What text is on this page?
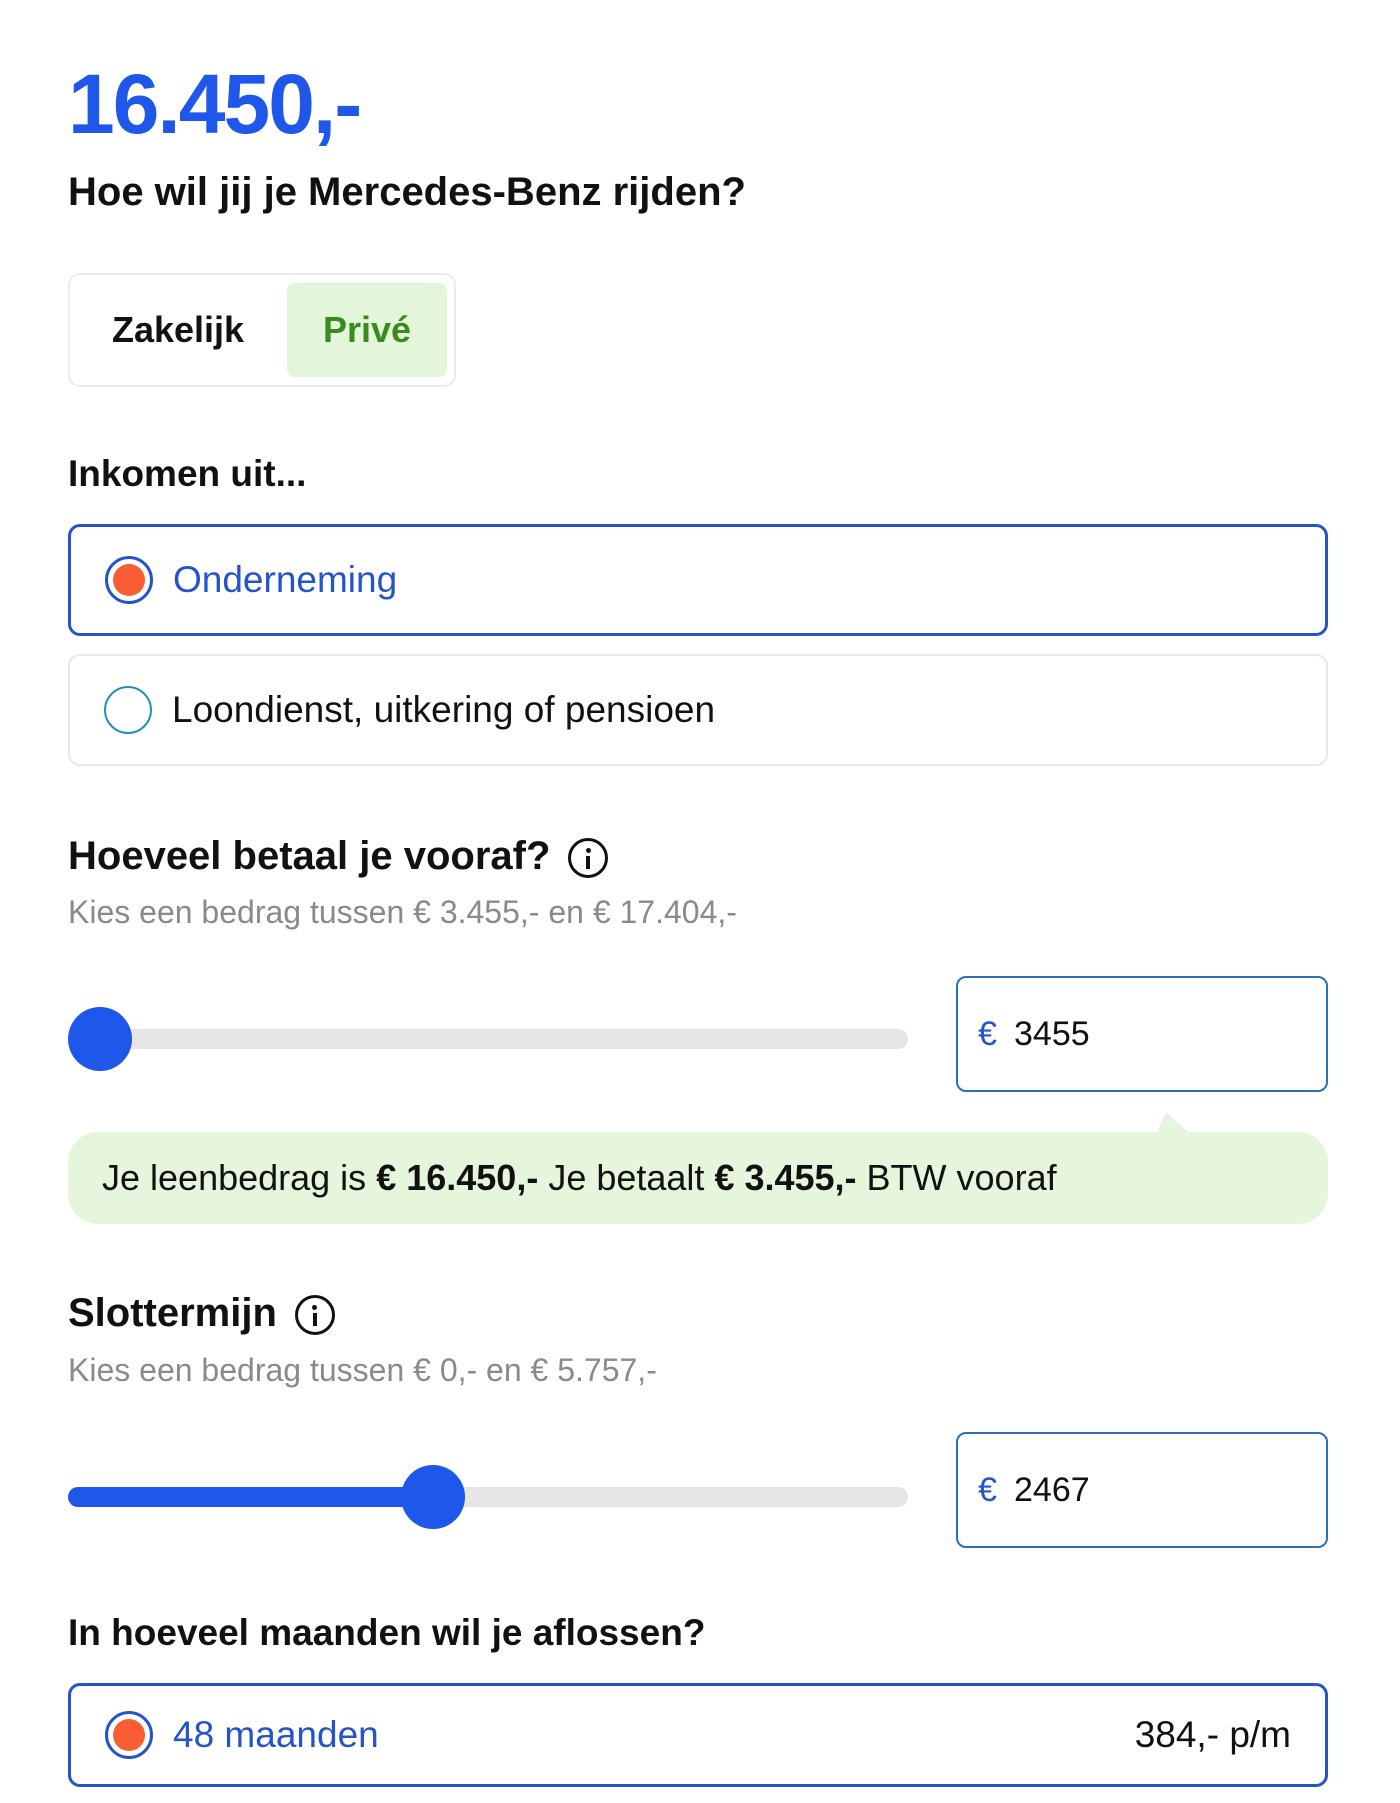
16.450,-
Hoe wil jij je Mercedes-Benz rijden?
Zakelijk	Privé
Inkomen uit...
Onderneming
Loondienst, uitkering of pensioen
Hoeveel betaal je vooraf?
Kies een bedrag tussen € 3.455,- en € 17.404,-
€ 3455
Je leenbedrag is € 16.450,- Je betaalt € 3.455,- BTW vooraf
Slottermijn
Kies een bedrag tussen € 0,- en € 5.757,-
€ 2467
In hoeveel maanden wil je aflossen?
48 maanden	384,- p/m
